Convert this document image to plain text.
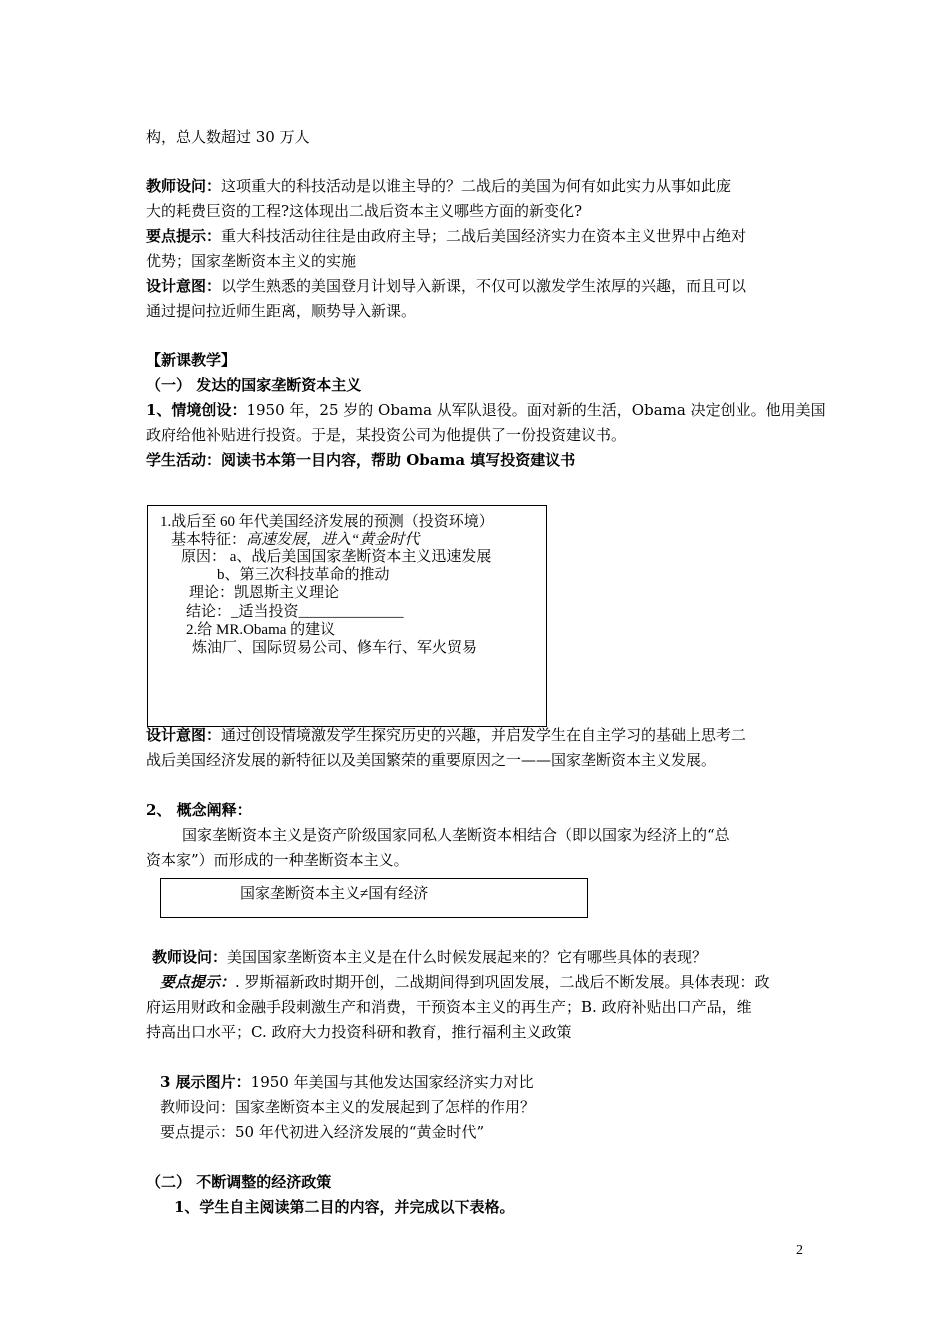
构，总人数超过 30 万人
教师设问：这项重大的科技活动是以谁主导的？二战后的美国为何有如此实力从事如此庞
大的耗费巨资的工程?这体现出二战后资本主义哪些方面的新变化?
要点提示：重大科技活动往往是由政府主导；二战后美国经济实力在资本主义世界中占绝对
优势；国家垄断资本主义的实施
设计意图：以学生熟悉的美国登月计划导入新课，不仅可以激发学生浓厚的兴趣，而且可以
通过提问拉近师生距离，顺势导入新课。
【新课教学】
（一） 发达的国家垄断资本主义
1、情境创设：1950 年，25 岁的 Obama 从军队退役。面对新的生活，Obama 决定创业。他用美国
政府给他补贴进行投资。于是，某投资公司为他提供了一份投资建议书。
学生活动：阅读书本第一目内容，帮助 Obama 填写投资建议书
1.战后至 60 年代美国经济发展的预测（投资环境）
基本特征：高速发展，进入“黄金时代
原因： a、战后美国国家垄断资本主义迅速发展
b、第三次科技革命的推动
理论：凯恩斯主义理论
结论：_适当投资______________
2.给 MR.Obama 的建议
炼油厂、国际贸易公司、修车行、军火贸易
设计意图：通过创设情境激发学生探究历史的兴趣，并启发学生在自主学习的基础上思考二
战后美国经济发展的新特征以及美国繁荣的重要原因之一——国家垄断资本主义发展。
2、 概念阐释：
国家垄断资本主义是资产阶级国家同私人垄断资本相结合（即以国家为经济上的“总
资本家”）而形成的一种垄断资本主义。
国家垄断资本主义≠国有经济
教师设问：美国国家垄断资本主义是在什么时候发展起来的？它有哪些具体的表现？
要点提示：. 罗斯福新政时期开创，二战期间得到巩固发展，二战后不断发展。具体表现：政
府运用财政和金融手段刺激生产和消费，干预资本主义的再生产；B. 政府补贴出口产品，维
持高出口水平；C. 政府大力投资科研和教育，推行福利主义政策
3 展示图片：1950 年美国与其他发达国家经济实力对比
教师设问：国家垄断资本主义的发展起到了怎样的作用？
要点提示：50 年代初进入经济发展的“黄金时代”
（二） 不断调整的经济政策
1、学生自主阅读第二目的内容，并完成以下表格。
2
